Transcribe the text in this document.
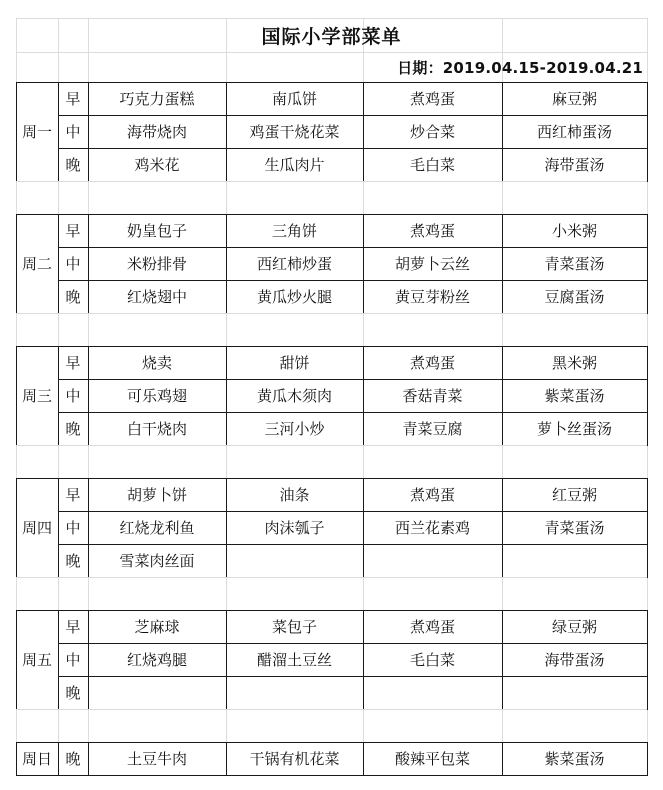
周一
早	巧克力蛋糕	南瓜饼	煮鸡蛋	麻豆粥
中	海带烧肉	鸡蛋干烧花菜	炒合菜	西红柿蛋汤
晚	鸡米花	生瓜肉片	毛白菜	海带蛋汤
周二
早	奶皇包子	三角饼	煮鸡蛋	小米粥
中	米粉排骨	西红柿炒蛋	胡萝卜云丝	青菜蛋汤
晚	红烧翅中	黄瓜炒火腿	黄豆芽粉丝	豆腐蛋汤
周三
早	烧卖	甜饼	煮鸡蛋	黑米粥
中	可乐鸡翅	黄瓜木须肉	香菇青菜	紫菜蛋汤
晚	白干烧肉	三河小炒	青菜豆腐	萝卜丝蛋汤
周四
早	胡萝卜饼	油条	煮鸡蛋	红豆粥
中	红烧龙利鱼	肉沫瓠子	西兰花素鸡	青菜蛋汤
晚	雪菜肉丝面
周五
早	芝麻球	菜包子	煮鸡蛋	绿豆粥
中	红烧鸡腿	醋溜土豆丝	毛白菜	海带蛋汤
晚
周日 晚	土豆牛肉	干锅有机花菜	酸辣平包菜	紫菜蛋汤
国际小学部菜单
日期：2019.04.15-2019.04.21
